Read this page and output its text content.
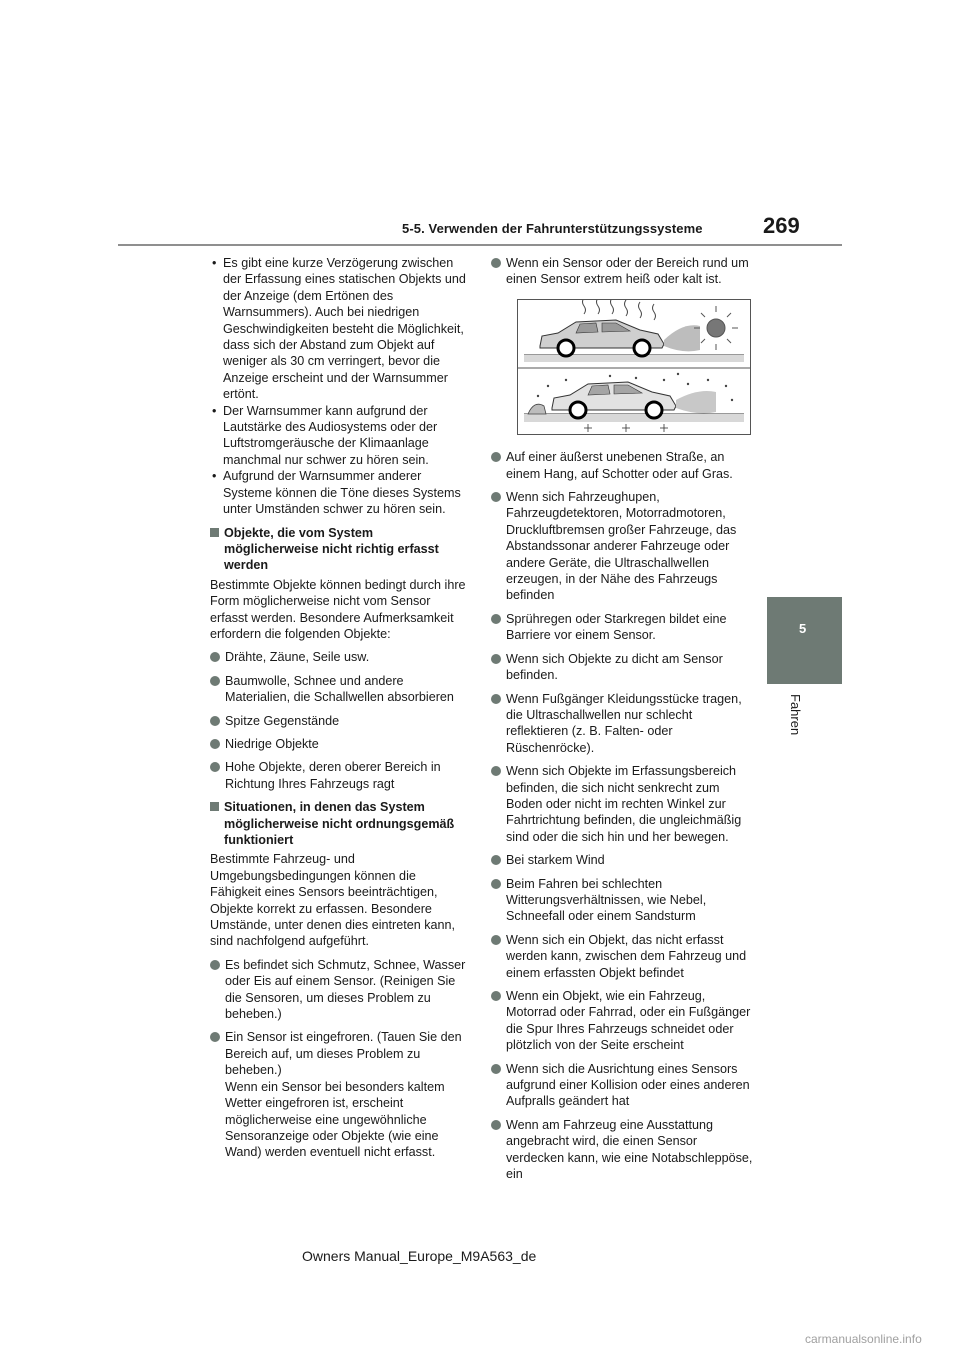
5-5. Verwenden der Fahrunterstützungssysteme	269
5
Fahren
• Es gibt eine kurze Verzögerung zwischen der Erfassung eines statischen Objekts und der Anzeige (dem Ertönen des Warnsummers). Auch bei niedrigen Geschwindigkeiten besteht die Möglichkeit, dass sich der Abstand zum Objekt auf weniger als 30 cm verringert, bevor die Anzeige erscheint und der Warnsummer ertönt.
• Der Warnsummer kann aufgrund der Lautstärke des Audiosystems oder der Luftstromgeräusche der Klimaanlage manchmal nur schwer zu hören sein.
• Aufgrund der Warnsummer anderer Systeme können die Töne dieses Systems unter Umständen schwer zu hören sein.
Objekte, die vom System möglicherweise nicht richtig erfasst werden

Bestimmte Objekte können bedingt durch ihre Form möglicherweise nicht vom Sensor erfasst werden. Besondere Aufmerksamkeit erfordern die folgenden Objekte:

Drähte, Zäune, Seile usw.
Baumwolle, Schnee und andere Materialien, die Schallwellen absorbieren
Spitze Gegenstände
Niedrige Objekte
Hohe Objekte, deren oberer Bereich in Richtung Ihres Fahrzeugs ragt
Situationen, in denen das System möglicherweise nicht ordnungsgemäß funktioniert

Bestimmte Fahrzeug- und Umgebungsbedingungen können die Fähigkeit eines Sensors beeinträchtigen, Objekte korrekt zu erfassen. Besondere Umstände, unter denen dies eintreten kann, sind nachfolgend aufgeführt.

Es befindet sich Schmutz, Schnee, Wasser oder Eis auf einem Sensor. (Reinigen Sie die Sensoren, um dieses Problem zu beheben.)
Ein Sensor ist eingefroren. (Tauen Sie den Bereich auf, um dieses Problem zu beheben.)
Wenn ein Sensor bei besonders kaltem Wetter eingefroren ist, erscheint möglicherweise eine ungewöhnliche Sensoranzeige oder Objekte (wie eine Wand) werden eventuell nicht erfasst.
Wenn ein Sensor oder der Bereich rund um einen Sensor extrem heiß oder kalt ist.
Auf einer äußerst unebenen Straße, an einem Hang, auf Schotter oder auf Gras.
Wenn sich Fahrzeughupen, Fahrzeugdetektoren, Motorradmotoren, Druckluftbremsen großer Fahrzeuge, das Abstandssonar anderer Fahrzeuge oder andere Geräte, die Ultraschallwellen erzeugen, in der Nähe des Fahrzeugs befinden
Sprühregen oder Starkregen bildet eine Barriere vor einem Sensor.
Wenn sich Objekte zu dicht am Sensor befinden.
Wenn Fußgänger Kleidungsstücke tragen, die Ultraschallwellen nur schlecht reflektieren (z. B. Falten- oder Rüschenröcke).
Wenn sich Objekte im Erfassungsbereich befinden, die sich nicht senkrecht zum Boden oder nicht im rechten Winkel zur Fahrtrichtung befinden, die ungleichmäßig sind oder die sich hin und her bewegen.
Bei starkem Wind
Beim Fahren bei schlechten Witterungsverhältnissen, wie Nebel, Schneefall oder einem Sandsturm
Wenn sich ein Objekt, das nicht erfasst werden kann, zwischen dem Fahrzeug und einem erfassten Objekt befindet
Wenn ein Objekt, wie ein Fahrzeug, Motorrad oder Fahrrad, oder ein Fußgänger die Spur Ihres Fahrzeugs schneidet oder plötzlich von der Seite erscheint
Wenn sich die Ausrichtung eines Sensors aufgrund einer Kollision oder eines anderen Aufpralls geändert hat
Wenn am Fahrzeug eine Ausstattung angebracht wird, die einen Sensor verdecken kann, wie eine Notabschleppöse, ein
Owners Manual_Europe_M9A563_de
carmanualsonline.info
